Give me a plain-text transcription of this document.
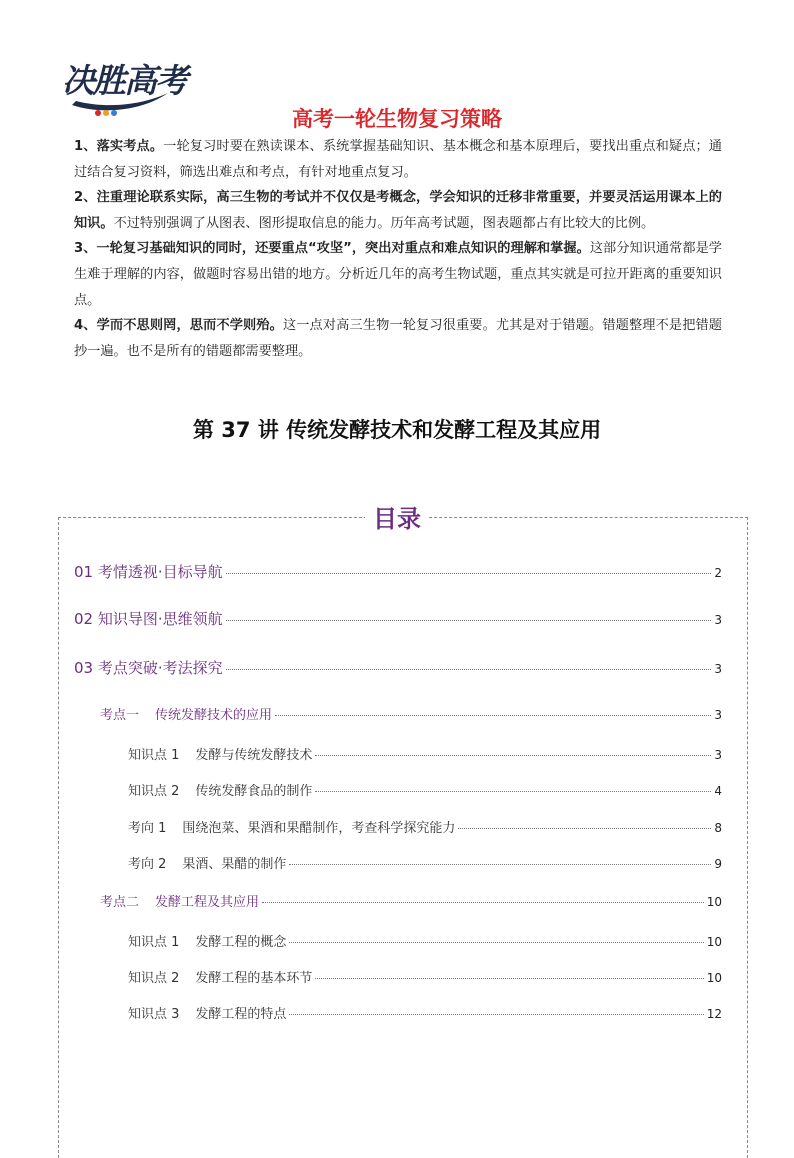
决胜高考
高考一轮生物复习策略

1、落实考点。一轮复习时要在熟读课本、系统掌握基础知识、基本概念和基本原理后，要找出重点和疑点；通过结合复习资料，筛选出难点和考点，有针对地重点复习。

2、注重理论联系实际，高三生物的考试并不仅仅是考概念，学会知识的迁移非常重要，并要灵活运用课本上的知识。不过特别强调了从图表、图形提取信息的能力。历年高考试题，图表题都占有比较大的比例。

3、一轮复习基础知识的同时，还要重点“攻坚”，突出对重点和难点知识的理解和掌握。这部分知识通常都是学生难于理解的内容，做题时容易出错的地方。分析近几年的高考生物试题，重点其实就是可拉开距离的重要知识点。

4、学而不思则罔，思而不学则殆。这一点对高三生物一轮复习很重要。尤其是对于错题。错题整理不是把错题抄一遍。也不是所有的错题都需要整理。

第 37 讲 传统发酵技术和发酵工程及其应用
目录
01 考情透视·目标导航	2
02 知识导图·思维领航	3
03 考点突破·考法探究	3
考点一 传统发酵技术的应用	3
知识点 1 发酵与传统发酵技术	3
知识点 2 传统发酵食品的制作	4
考向 1 围绕泡菜、果酒和果醋制作，考查科学探究能力	8
考向 2 果酒、果醋的制作	9
考点二 发酵工程及其应用	10
知识点 1 发酵工程的概念	10
知识点 2 发酵工程的基本环节	10
知识点 3 发酵工程的特点	12
